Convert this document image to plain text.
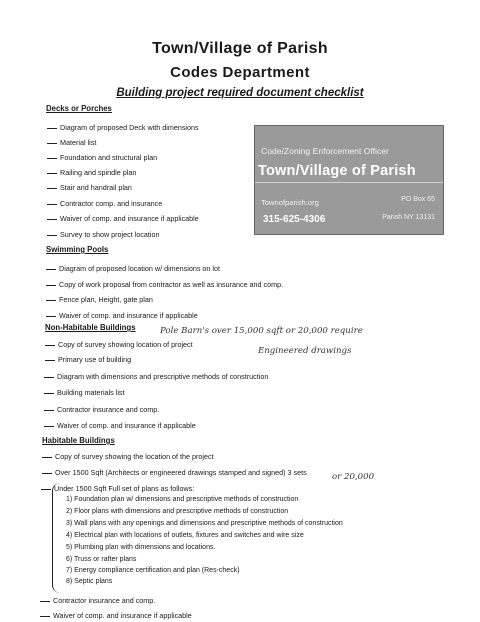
Town/Village of Parish
Codes Department
Building project required document checklist
Code/Zoning Enforcement Officer
Town/Village of Parish
PO Box 65
Townofparish.org
Parish NY 13131
315-625-4306
Decks or Porches
Diagram of proposed Deck with dimensions
Material list
Foundation and structural plan
Railing and spindle plan
Stair and handrail plan
Contractor comp. and insurance
Waiver of comp. and insurance if applicable
Survey to show project location
Swimming Pools
Diagram of proposed location w/ dimensions on lot
Copy of work proposal from contractor as well as insurance and comp.
Fence plan, Height, gate plan
Waiver of comp. and insurance if applicable
Non-Habitable Buildings
Copy of survey showing location of project
Primary use of building
Diagram with dimensions and prescriptive methods of construction
Building materials list
Contractor insurance and comp.
Waiver of comp. and insurance if applicable
Pole Barn's over 15,000 sqft or 20,000 require
Engineered drawings
Habitable Buildings
Copy of survey showing the location of the project
Over 1500 Sqft (Architects or engineered drawings stamped and signed) 3 sets
Under 1500 Sqft Full set of plans as follows:
or 20,000
1) Foundation plan w/ dimensions and prescriptive methods of construction
2) Floor plans with dimensions and prescriptive methods of construction
3) Wall plans with any openings and dimensions and prescriptive methods of construction
4) Electrical plan with locations of outlets, fixtures and switches and wire size
5) Plumbing plan with dimensions and locations.
6) Truss or rafter plans
7) Energy compliance certification and plan (Res-check)
8) Septic plans
Contractor insurance and comp.
Waiver of comp. and insurance if applicable
